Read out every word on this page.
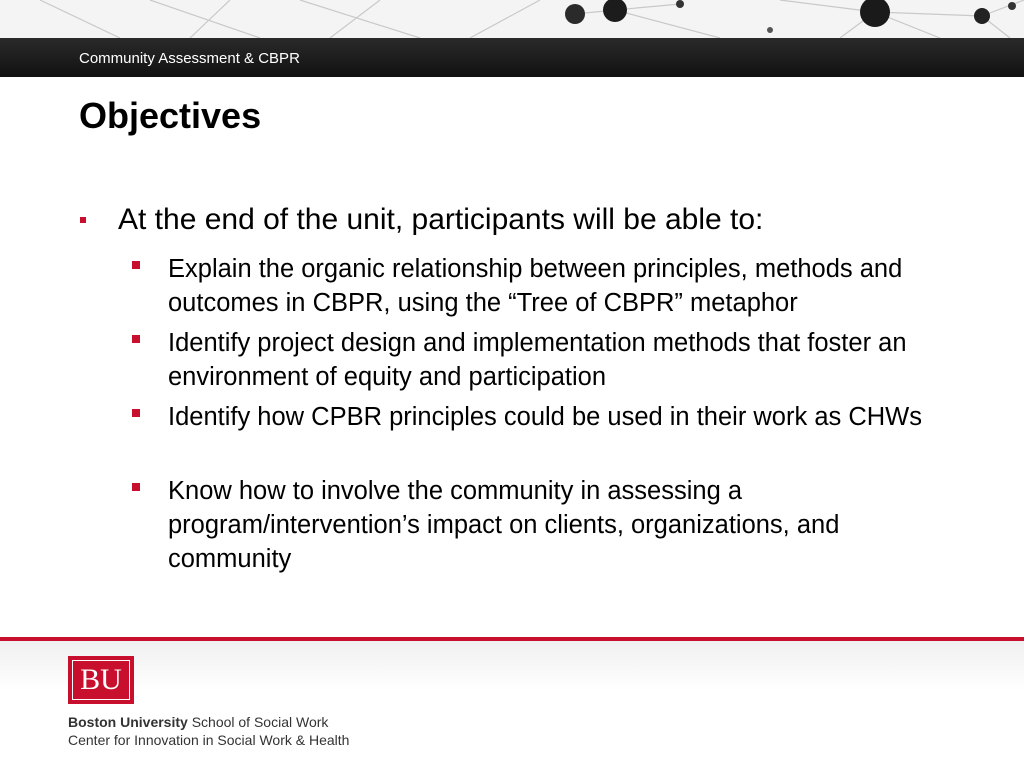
Community Assessment & CBPR
Objectives
At the end of the unit, participants will be able to:
Explain the organic relationship between principles, methods and outcomes in CBPR, using the “Tree of CBPR” metaphor
Identify project design and implementation methods that foster an environment of equity and participation
Identify how CPBR principles could be used in their work as CHWs
Know how to involve the community in assessing a program/intervention’s impact on clients, organizations, and community
BU
Boston University School of Social Work
Center for Innovation in Social Work & Health
